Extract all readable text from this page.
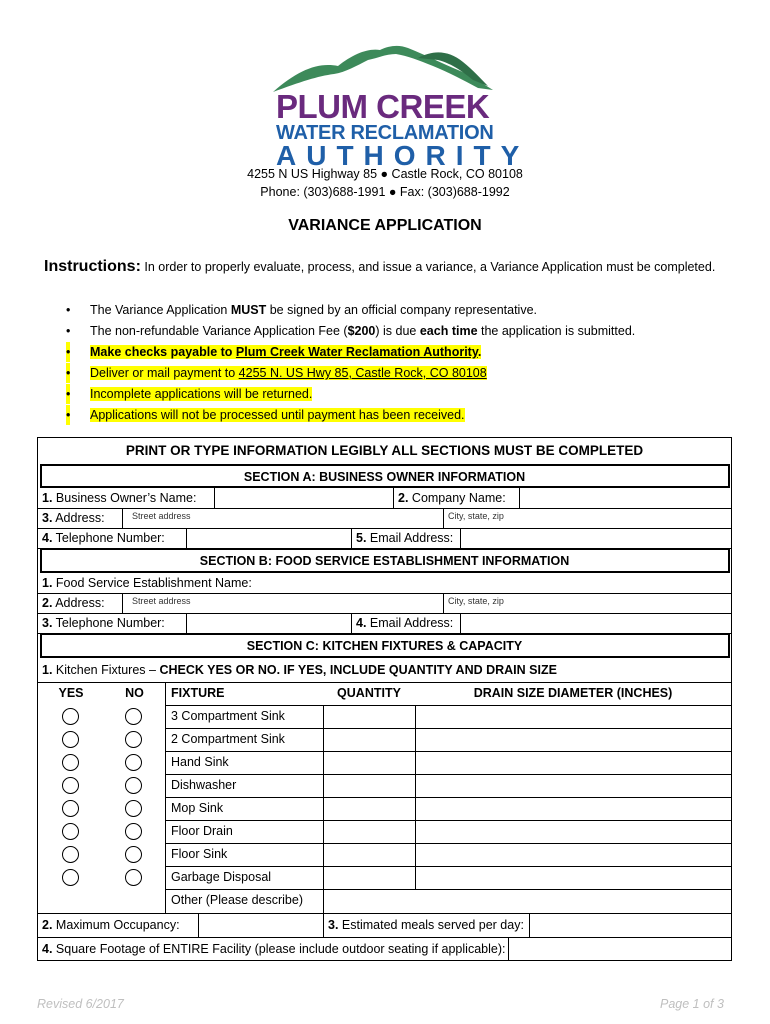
PLUM CREEK
WATER RECLAMATION
AUTHORITY
4255 N US Highway 85 ● Castle Rock, CO 80108
Phone: (303)688-1991 ● Fax: (303)688-1992
VARIANCE APPLICATION
Instructions: In order to properly evaluate, process, and issue a variance, a Variance Application must be completed.
• The Variance Application MUST be signed by an official company representative.
• The non-refundable Variance Application Fee ($200) is due each time the application is submitted.
• Make checks payable to Plum Creek Water Reclamation Authority.
• Deliver or mail payment to 4255 N. US Hwy 85, Castle Rock, CO 80108
• Incomplete applications will be returned.
• Applications will not be processed until payment has been received.
PRINT OR TYPE INFORMATION LEGIBLY ALL SECTIONS MUST BE COMPLETED
SECTION A: BUSINESS OWNER INFORMATION
1. Business Owner’s Name:	2. Company Name:
3. Address:	Street address	City, state, zip
4. Telephone Number:	5. Email Address:
SECTION B: FOOD SERVICE ESTABLISHMENT INFORMATION
1. Food Service Establishment Name:
2. Address:	Street address	City, state, zip
3. Telephone Number:	4. Email Address:
SECTION C: KITCHEN FIXTURES & CAPACITY
1. Kitchen Fixtures – CHECK YES OR NO. IF YES, INCLUDE QUANTITY AND DRAIN SIZE
YES	NO	FIXTURE	QUANTITY	DRAIN SIZE DIAMETER (INCHES)
3 Compartment Sink
2 Compartment Sink
Hand Sink
Dishwasher
Mop Sink
Floor Drain
Floor Sink
Garbage Disposal
Other (Please describe)
2. Maximum Occupancy:	3. Estimated meals served per day:
4. Square Footage of ENTIRE Facility (please include outdoor seating if applicable):
Revised 6/2017	Page 1 of 3
